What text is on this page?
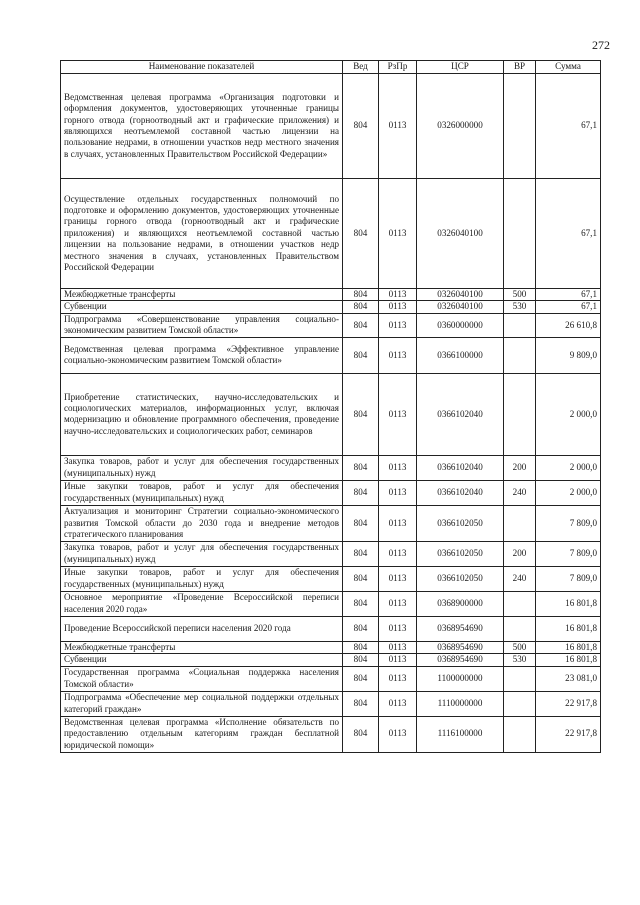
272
Наименование показателей	Вед	РзПр	ЦСР	ВР	Сумма
Ведомственная целевая программа «Организация подготовки и оформления документов, удостоверяющих уточненные границы горного отвода (горноотводный акт и графические приложения) и являющихся неотъемлемой составной частью лицензии на пользование недрами, в отношении участков недр местного значения в случаях, установленных Правительством Российской Федерации»	804	0113	0326000000		67,1
Осуществление отдельных государственных полномочий по подготовке и оформлению документов, удостоверяющих уточненные границы горного отвода (горноотводный акт и графические приложения) и являющихся неотъемлемой составной частью лицензии на пользование недрами, в отношении участков недр местного значения в случаях, установленных Правительством Российской Федерации	804	0113	0326040100		67,1
Межбюджетные трансферты	804	0113	0326040100	500	67,1
Субвенции	804	0113	0326040100	530	67,1
Подпрограмма «Совершенствование управления социально-экономическим развитием Томской области»	804	0113	0360000000		26 610,8
Ведомственная целевая программа «Эффективное управление социально-экономическим развитием Томской области»	804	0113	0366100000		9 809,0
Приобретение статистических, научно-исследовательских и социологических материалов, информационных услуг, включая модернизацию и обновление программного обеспечения, проведение научно-исследовательских и социологических работ, семинаров	804	0113	0366102040		2 000,0
Закупка товаров, работ и услуг для обеспечения государственных (муниципальных) нужд	804	0113	0366102040	200	2 000,0
Иные закупки товаров, работ и услуг для обеспечения государственных (муниципальных) нужд	804	0113	0366102040	240	2 000,0
Актуализация и мониторинг Стратегии социально-экономического развития Томской области до 2030 года и внедрение методов стратегического планирования	804	0113	0366102050		7 809,0
Закупка товаров, работ и услуг для обеспечения государственных (муниципальных) нужд	804	0113	0366102050	200	7 809,0
Иные закупки товаров, работ и услуг для обеспечения государственных (муниципальных) нужд	804	0113	0366102050	240	7 809,0
Основное мероприятие «Проведение Всероссийской переписи населения 2020 года»	804	0113	0368900000		16 801,8
Проведение Всероссийской переписи населения 2020 года	804	0113	0368954690		16 801,8
Межбюджетные трансферты	804	0113	0368954690	500	16 801,8
Субвенции	804	0113	0368954690	530	16 801,8
Государственная программа «Социальная поддержка населения Томской области»	804	0113	1100000000		23 081,0
Подпрограмма «Обеспечение мер социальной поддержки отдельных категорий граждан»	804	0113	1110000000		22 917,8
Ведомственная целевая программа «Исполнение обязательств по предоставлению отдельным категориям граждан бесплатной юридической помощи»	804	0113	1116100000		22 917,8
